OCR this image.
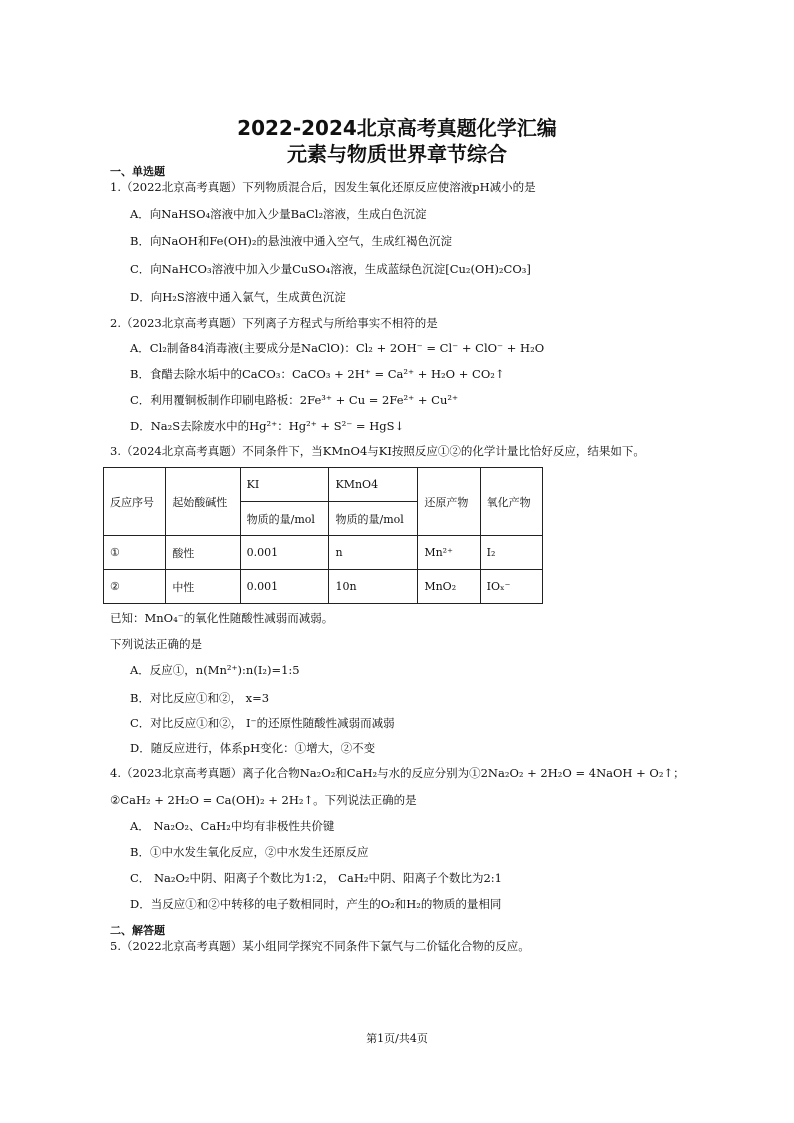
2022-2024北京高考真题化学汇编
元素与物质世界章节综合
一、单选题
1.（2022北京高考真题）下列物质混合后，因发生氧化还原反应使溶液pH减小的是
A．向NaHSO₄溶液中加入少量BaCl₂溶液，生成白色沉淀
B．向NaOH和Fe(OH)₂的悬浊液中通入空气，生成红褐色沉淀
C．向NaHCO₃溶液中加入少量CuSO₄溶液，生成蓝绿色沉淀[Cu₂(OH)₂CO₃]
D．向H₂S溶液中通入氯气，生成黄色沉淀
2.（2023北京高考真题）下列离子方程式与所给事实不相符的是
A．Cl₂制备84消毒液(主要成分是NaClO)：Cl₂ + 2OH⁻ = Cl⁻ + ClO⁻ + H₂O
B．食醋去除水垢中的CaCO₃：CaCO₃ + 2H⁺ = Ca²⁺ + H₂O + CO₂↑
C．利用覆铜板制作印刷电路板：2Fe³⁺ + Cu = 2Fe²⁺ + Cu²⁺
D．Na₂S去除废水中的Hg²⁺：Hg²⁺ + S²⁻ = HgS↓
3.（2024北京高考真题）不同条件下，当KMnO4与KI按照反应①②的化学计量比恰好反应，结果如下。
反应序号	起始酸碱性	KI	KMnO4	还原产物	氧化产物
		物质的量/mol	物质的量/mol		
①	酸性	0.001	n	Mn²⁺	I₂
②	中性	0.001	10n	MnO₂	IOₓ⁻
已知：MnO₄⁻的氧化性随酸性减弱而减弱。
下列说法正确的是
A．反应①，n(Mn²⁺):n(I₂)=1:5
B．对比反应①和②， x=3
C．对比反应①和②， I⁻的还原性随酸性减弱而减弱
D．随反应进行，体系pH变化：①增大，②不变
4.（2023北京高考真题）离子化合物Na₂O₂和CaH₂与水的反应分别为①2Na₂O₂ + 2H₂O = 4NaOH + O₂↑；
②CaH₂ + 2H₂O = Ca(OH)₂ + 2H₂↑。下列说法正确的是
A． Na₂O₂、CaH₂中均有非极性共价键
B．①中水发生氧化反应，②中水发生还原反应
C． Na₂O₂中阴、阳离子个数比为1:2， CaH₂中阴、阳离子个数比为2:1
D．当反应①和②中转移的电子数相同时，产生的O₂和H₂的物质的量相同
二、解答题
5.（2022北京高考真题）某小组同学探究不同条件下氯气与二价锰化合物的反应。
第1页/共4页
